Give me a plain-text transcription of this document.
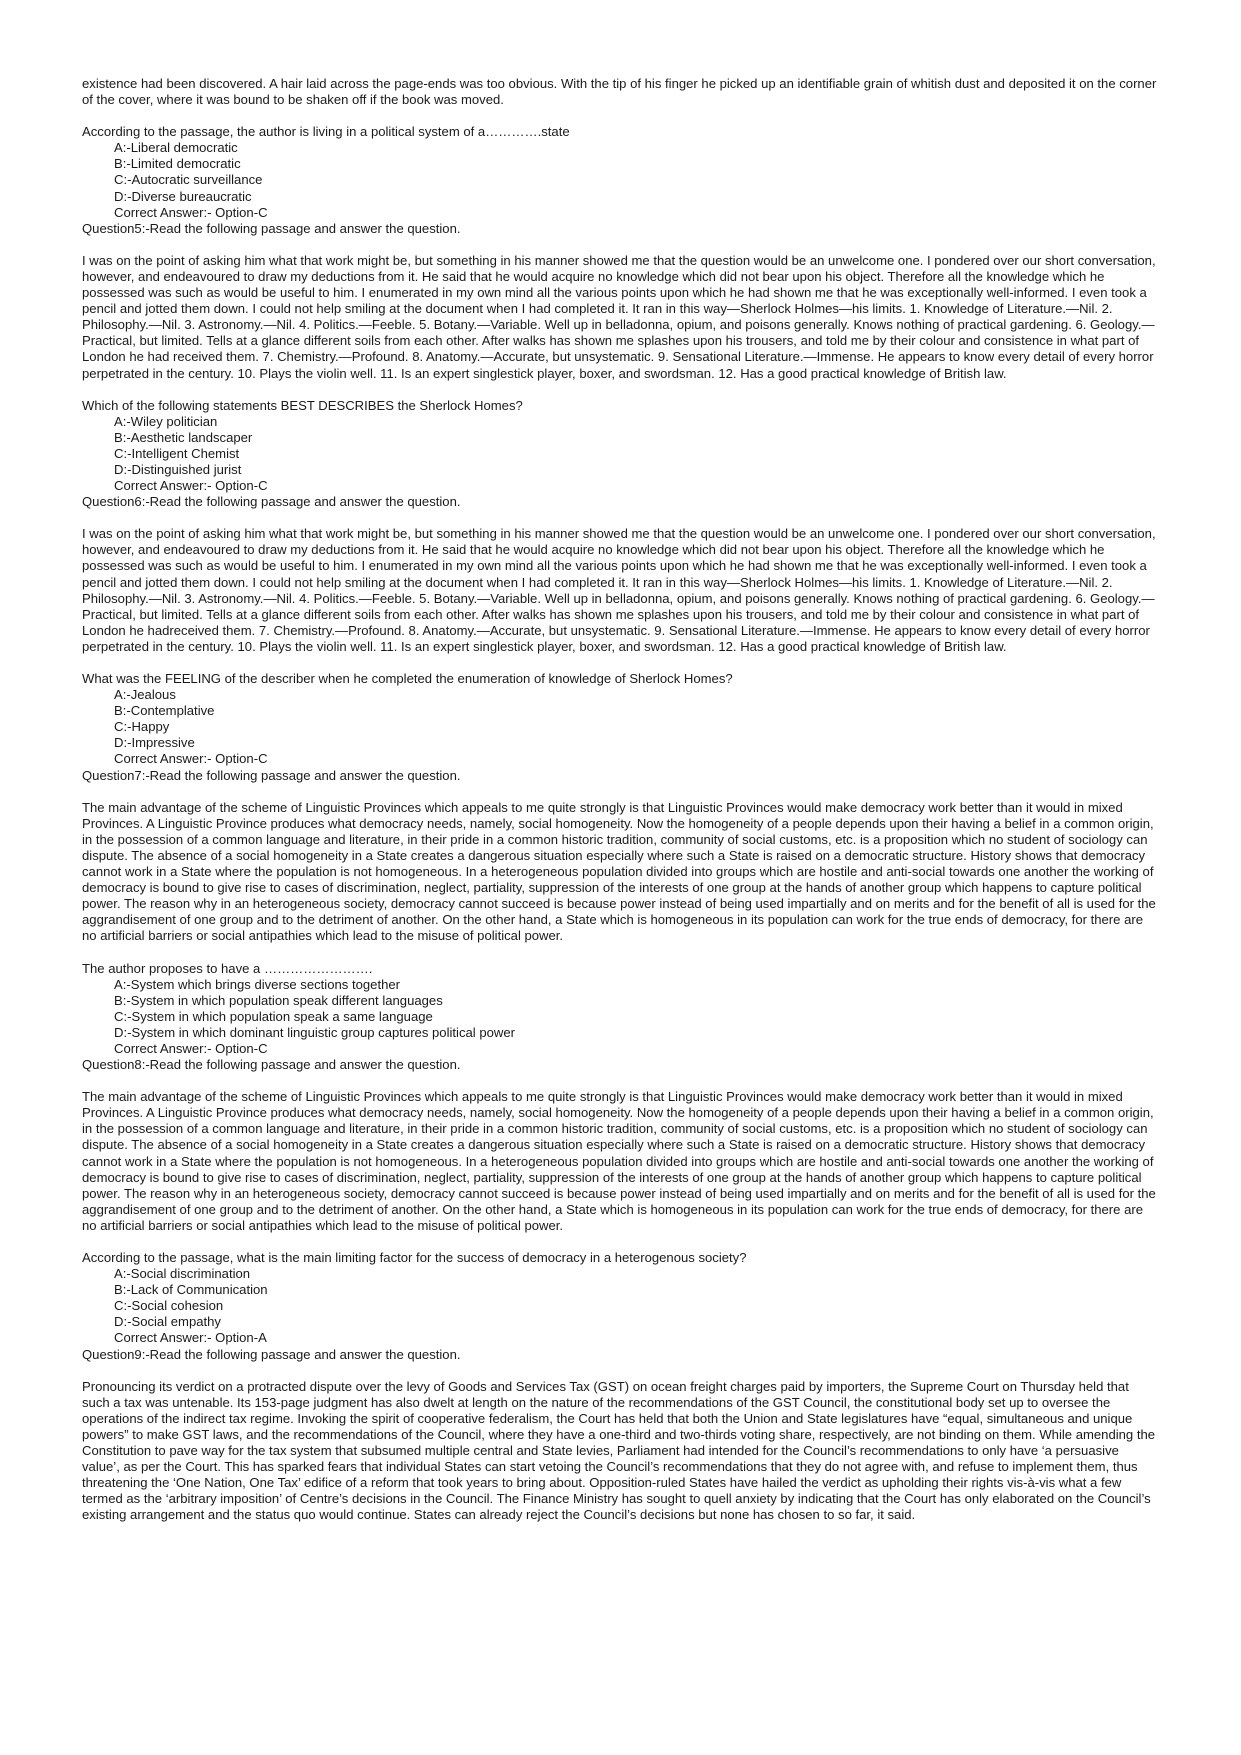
existence had been discovered. A hair laid across the page-ends was too obvious. With the tip of his finger he picked up an identifiable grain of whitish dust and deposited it on the corner of the cover, where it was bound to be shaken off if the book was moved.

According to the passage, the author is living in a political system of a………….state

A:-Liberal democratic

B:-Limited democratic

C:-Autocratic surveillance

D:-Diverse bureaucratic

Correct Answer:- Option-C

Question5:-Read the following passage and answer the question.

I was on the point of asking him what that work might be, but something in his manner showed me that the question would be an unwelcome one. I pondered over our short conversation, however, and endeavoured to draw my deductions from it. He said that he would acquire no knowledge which did not bear upon his object. Therefore all the knowledge which he possessed was such as would be useful to him. I enumerated in my own mind all the various points upon which he had shown me that he was exceptionally well-informed. I even took a pencil and jotted them down. I could not help smiling at the document when I had completed it. It ran in this way—Sherlock Holmes—his limits. 1. Knowledge of Literature.—Nil. 2. Philosophy.—Nil. 3. Astronomy.—Nil. 4. Politics.—Feeble. 5. Botany.—Variable. Well up in belladonna, opium, and poisons generally. Knows nothing of practical gardening. 6. Geology.—Practical, but limited. Tells at a glance different soils from each other. After walks has shown me splashes upon his trousers, and told me by their colour and consistence in what part of London he had received them. 7. Chemistry.—Profound. 8. Anatomy.—Accurate, but unsystematic. 9. Sensational Literature.—Immense. He appears to know every detail of every horror perpetrated in the century. 10. Plays the violin well. 11. Is an expert singlestick player, boxer, and swordsman. 12. Has a good practical knowledge of British law.

Which of the following statements BEST DESCRIBES the Sherlock Homes?

A:-Wiley politician

B:-Aesthetic landscaper

C:-Intelligent Chemist

D:-Distinguished jurist

Correct Answer:- Option-C

Question6:-Read the following passage and answer the question.

I was on the point of asking him what that work might be, but something in his manner showed me that the question would be an unwelcome one. I pondered over our short conversation, however, and endeavoured to draw my deductions from it. He said that he would acquire no knowledge which did not bear upon his object. Therefore all the knowledge which he possessed was such as would be useful to him. I enumerated in my own mind all the various points upon which he had shown me that he was exceptionally well-informed. I even took a pencil and jotted them down. I could not help smiling at the document when I had completed it. It ran in this way—Sherlock Holmes—his limits. 1. Knowledge of Literature.—Nil. 2. Philosophy.—Nil. 3. Astronomy.—Nil. 4. Politics.—Feeble. 5. Botany.—Variable. Well up in belladonna, opium, and poisons generally. Knows nothing of practical gardening. 6. Geology.—Practical, but limited. Tells at a glance different soils from each other. After walks has shown me splashes upon his trousers, and told me by their colour and consistence in what part of London he hadreceived them. 7. Chemistry.—Profound. 8. Anatomy.—Accurate, but unsystematic. 9. Sensational Literature.—Immense. He appears to know every detail of every horror perpetrated in the century. 10. Plays the violin well. 11. Is an expert singlestick player, boxer, and swordsman. 12. Has a good practical knowledge of British law.

What was the FEELING of the describer when he completed the enumeration of knowledge of Sherlock Homes?

A:-Jealous

B:-Contemplative

C:-Happy

D:-Impressive

Correct Answer:- Option-C

Question7:-Read the following passage and answer the question.

The main advantage of the scheme of Linguistic Provinces which appeals to me quite strongly is that Linguistic Provinces would make democracy work better than it would in mixed Provinces. A Linguistic Province produces what democracy needs, namely, social homogeneity. Now the homogeneity of a people depends upon their having a belief in a common origin, in the possession of a common language and literature, in their pride in a common historic tradition, community of social customs, etc. is a proposition which no student of sociology can dispute. The absence of a social homogeneity in a State creates a dangerous situation especially where such a State is raised on a democratic structure. History shows that democracy cannot work in a State where the population is not homogeneous. In a heterogeneous population divided into groups which are hostile and anti-social towards one another the working of democracy is bound to give rise to cases of discrimination, neglect, partiality, suppression of the interests of one group at the hands of another group which happens to capture political power. The reason why in an heterogeneous society, democracy cannot succeed is because power instead of being used impartially and on merits and for the benefit of all is used for the aggrandisement of one group and to the detriment of another. On the other hand, a State which is homogeneous in its population can work for the true ends of democracy, for there are no artificial barriers or social antipathies which lead to the misuse of political power.

The author proposes to have a …………………….

A:-System which brings diverse sections together

B:-System in which population speak different languages

C:-System in which population speak a same language

D:-System in which dominant linguistic group captures political power

Correct Answer:- Option-C

Question8:-Read the following passage and answer the question.

The main advantage of the scheme of Linguistic Provinces which appeals to me quite strongly is that Linguistic Provinces would make democracy work better than it would in mixed Provinces. A Linguistic Province produces what democracy needs, namely, social homogeneity. Now the homogeneity of a people depends upon their having a belief in a common origin, in the possession of a common language and literature, in their pride in a common historic tradition, community of social customs, etc. is a proposition which no student of sociology can dispute. The absence of a social homogeneity in a State creates a dangerous situation especially where such a State is raised on a democratic structure. History shows that democracy cannot work in a State where the population is not homogeneous. In a heterogeneous population divided into groups which are hostile and anti-social towards one another the working of democracy is bound to give rise to cases of discrimination, neglect, partiality, suppression of the interests of one group at the hands of another group which happens to capture political power. The reason why in an heterogeneous society, democracy cannot succeed is because power instead of being used impartially and on merits and for the benefit of all is used for the aggrandisement of one group and to the detriment of another. On the other hand, a State which is homogeneous in its population can work for the true ends of democracy, for there are no artificial barriers or social antipathies which lead to the misuse of political power.

According to the passage, what is the main limiting factor for the success of democracy in a heterogenous society?

A:-Social discrimination

B:-Lack of Communication

C:-Social cohesion

D:-Social empathy

Correct Answer:- Option-A

Question9:-Read the following passage and answer the question.

Pronouncing its verdict on a protracted dispute over the levy of Goods and Services Tax (GST) on ocean freight charges paid by importers, the Supreme Court on Thursday held that such a tax was untenable. Its 153-page judgment has also dwelt at length on the nature of the recommendations of the GST Council, the constitutional body set up to oversee the operations of the indirect tax regime. Invoking the spirit of cooperative federalism, the Court has held that both the Union and State legislatures have “equal, simultaneous and unique powers” to make GST laws, and the recommendations of the Council, where they have a one-third and two-thirds voting share, respectively, are not binding on them. While amending the Constitution to pave way for the tax system that subsumed multiple central and State levies, Parliament had intended for the Council’s recommendations to only have ‘a persuasive value’, as per the Court. This has sparked fears that individual States can start vetoing the Council’s recommendations that they do not agree with, and refuse to implement them, thus threatening the ‘One Nation, One Tax’ edifice of a reform that took years to bring about. Opposition-ruled States have hailed the verdict as upholding their rights vis-à-vis what a few termed as the ‘arbitrary imposition’ of Centre’s decisions in the Council. The Finance Ministry has sought to quell anxiety by indicating that the Court has only elaborated on the Council’s existing arrangement and the status quo would continue. States can already reject the Council’s decisions but none has chosen to so far, it said.
